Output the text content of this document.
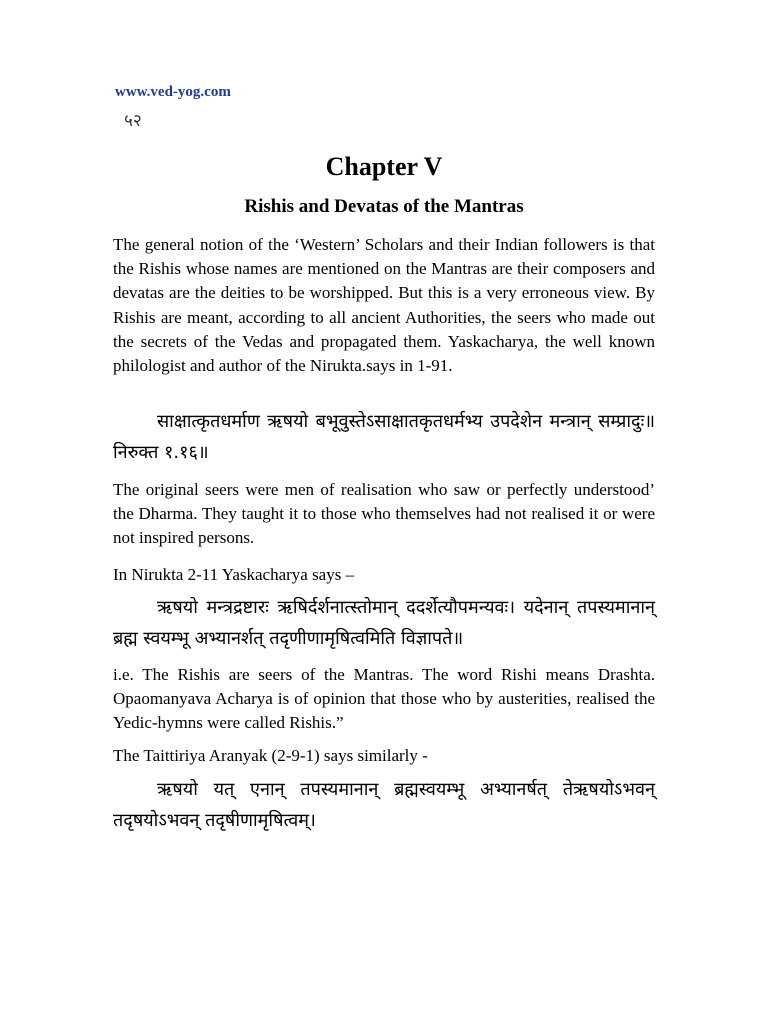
www.ved-yog.com
५२
Chapter V
Rishis and Devatas of the Mantras

The general notion of the ‘Western’ Scholars and their Indian followers is that the Rishis whose names are mentioned on the Mantras are their composers and devatas are the deities to be worshipped. But this is a very erroneous view. By Rishis are meant, according to all ancient Authorities, the seers who made out the secrets of the Vedas and propagated them. Yaskacharya, the well known philologist and author of the Nirukta.says in 1-91.

साक्षात्कृतधर्माण ऋषयो बभूवुस्तेऽसाक्षातकृतधर्मभ्य उपदेशेन मन्त्रान् सम्प्रादुः॥ निरुक्त १.१६॥

The original seers were men of realisation who saw or perfectly understood’ the Dharma. They taught it to those who themselves had not realised it or were not inspired persons.

In Nirukta 2-11 Yaskacharya says –

ऋषयो मन्त्रद्रष्टारः ऋषिर्दर्शनात्स्तोमान् ददर्शेत्यौपमन्यवः। यदेनान् तपस्यमानान् ब्रह्म स्वयम्भू अभ्यानर्शत् तदृणीणामृषित्वमिति विज्ञापते॥

i.e. The Rishis are seers of the Mantras. The word Rishi means Drashta. Opaomanyava Acharya is of opinion that those who by austerities, realised the Yedic-hymns were called Rishis.”

The Taittiriya Aranyak (2-9-1) says similarly -

ऋषयो यत् एनान् तपस्यमानान् ब्रह्मस्वयम्भू अभ्यानर्षत् तेऋषयोऽभवन् तदृषयोऽभवन् तदृषीणामृषित्वम्।
